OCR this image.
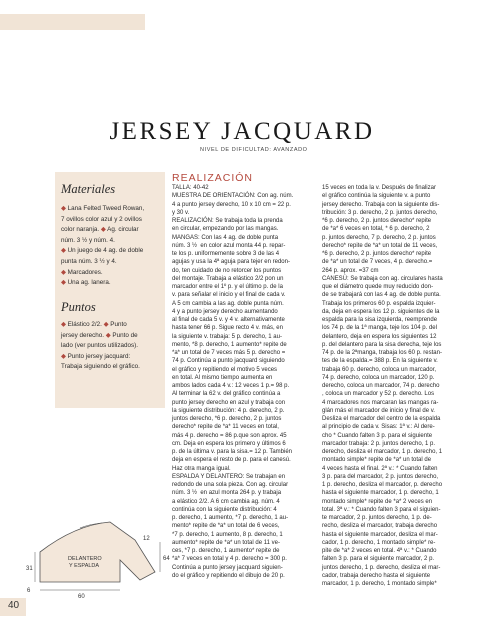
JERSEY JACQUARD
NIVEL DE DIFICULTAD: AVANZADO
Materiales
◆ Lana Felted Tweed Rowan,
7 ovillos color azul y 2 ovillos
color naranja. ◆ Ag. circular
núm. 3 ½ y núm. 4.
◆ Un juego de 4 ag. de doble
punta núm. 3 ½ y 4.
◆ Marcadores.
◆ Una ag. lanera.
Puntos
◆ Elástico 2/2. ◆ Punto
jersey derecho. ◆ Punto de
lado (ver puntos utilizados).
◆ Punto jersey jacquard:
Trabaja siguiendo el gráfico.
REALIZACIÓN
TALLA: 40-42
MUESTRA DE ORIENTACIÓN: Con ag. núm.
4 a punto jersey derecho, 10 x 10 cm = 22 p.
y 30 v.
REALIZACIÓN: Se trabaja toda la prenda
en circular, empezando por las mangas.
MANGAS: Con las 4 ag. de doble punta
núm. 3 ½  en color azul monta 44 p. repar-
te los p. uniformemente sobre 3 de las 4
agujas y usa la 4ª aguja para tejer en redon-
do, ten cuidado de no retorcer los puntos
del montaje. Trabaja a elástico 2/2 pon un
marcador entre el 1º p. y el último p. de la
v. para señalar el inicio y el final de cada v.
A 5 cm cambia a las ag. doble punta núm.
4 y a punto jersey derecho aumentando
al final de cada 5 v. y 4 v. alternativamente
hasta tener 66 p. Sigue recto 4 v. más, en
la siguiente v. trabaja: 5 p. derecho, 1 au-
mento, *8 p. derecho, 1 aumento* repite de
*a* un total de 7 veces más 5 p. derecho =
74 p. Continúa a punto jacquard siguiendo
el gráfico y repitiendo el motivo 5 veces
en total. Al mismo tiempo aumenta en
ambos lados cada 4 v.: 12 veces 1 p.= 98 p.
Al terminar la 62 v. del gráfico continúa a
punto jersey derecho en azul y trabaja con
la siguiente distribución: 4 p. derecho, 2 p.
juntos derecho, *6 p. derecho, 2 p. juntos
derecho* repite de *a* 11 veces en total,
más 4 p. derecho = 86 p.que son aprox. 45
cm. Deja en espera los primero y últimos 6
p. de la última v. para la sisa.= 12 p. También
deja en espera el resto de p. para el canesú.
Haz otra manga igual.
ESPALDA Y DELANTERO: Se trabajan en
redondo de una sola pieza. Con ag. circular
núm. 3 ½  en azul monta 264 p. y trabaja
a elástico 2/2. A 6 cm cambia ag. núm. 4
continúa con la siguiente distribución: 4
p. derecho, 1 aumento, *7 p. derecho, 1 au-
mento* repite de *a* un total de 6 veces,
*7 p. derecho, 1 aumento, 8 p. derecho, 1
aumento* repite de *a* un total de 11 ve-
ces, *7 p. derecho, 1 aumento* repite de
*a* 7 veces en total y 4 p. derecho = 300 p.
Continúa a punto jersey jacquard siguien-
do el gráfico y repitiendo el dibujo de 20 p.
15 veces en toda la v. Después de finalizar
el gráfico continúa la siguiente v. a punto
jersey derecho. Trabaja con la siguiente dis-
tribución: 3 p. derecho, 2 p. juntos derecho,
*6 p. derecho, 2 p. juntos derecho* repite
de *a* 6 veces en total, * 6 p. derecho, 2
p. juntos derecho, 7 p. derecho, 2 p. juntos
derecho* repite de *a* un total de 11 veces,
*6 p. derecho, 2 p. juntos derecho* repite
de *a* un total de 7 veces, 4 p. derecho.=
264 p. aprox. =37 cm
CANESÚ: Se trabaja con ag. circulares hasta
que el diámetro quede muy reducido don-
de se trabajará con las 4 ag. de doble punta.
Trabaja los primeros 60 p. espalda izquier-
da, deja en espera los 12 p. siguientes de la
espalda para la sisa izquierda, reemprende
los 74 p. de la 1ª manga, teje los 104 p. del
delantero, deja en espera los siguientes 12
p. del delantero para la sisa derecha, teje los
74 p. de la 2ªmanga, trabaja los 60 p. restan-
tes de la espalda.= 388 p. En la siguiente v.
trabaja 60 p. derecho, coloca un marcador,
74 p. derecho, coloca un marcador, 120 p.
derecho, coloca un marcador, 74 p. derecho
, coloca un marcador y 52 p. derecho. Los
4 marcadores nos marcaran las mangas ra-
glán más el marcador de inicio y final de v.
Desliza el marcador del centro de la espalda
al principio de cada v. Sisas: 1ª v.: Al dere-
cho * Cuando falten 3 p. para el siguiente
marcador trabaja: 2 p. juntos derecho, 1 p.
derecho, desliza el marcador, 1 p. derecho, 1
montado simple* repite de *a* un total de
4 veces hasta el final. 2ª v.: * Cuando falten
3 p. para del marcador, 2 p. juntos derecho,
1 p. derecho, desliza el marcador, p. derecho
hasta el siguiente marcador, 1 p. derecho, 1
montado simple* repite de *a* 2 veces en
total. 3ª v.: * Cuando falten 3 para el siguien-
te marcador, 2 p. juntos derecho, 1 p. de-
recho, desliza el marcador, trabaja derecho
hasta el siguiente marcador, desliza el mar-
cador, 1 p. derecho, 1 montado simple* re-
pite de *a* 2 veces en total. 4ª v.: * Cuando
falten 3 p. para el siguiente marcador, 2 p.
juntos derecho, 1 p. derecho, desliza el mar-
cador, trabaja derecho hasta el siguiente
marcador, 1 p. derecho, 1 montado simple*
60
31
64
6
12
DELANTERO
Y ESPALDA
40
